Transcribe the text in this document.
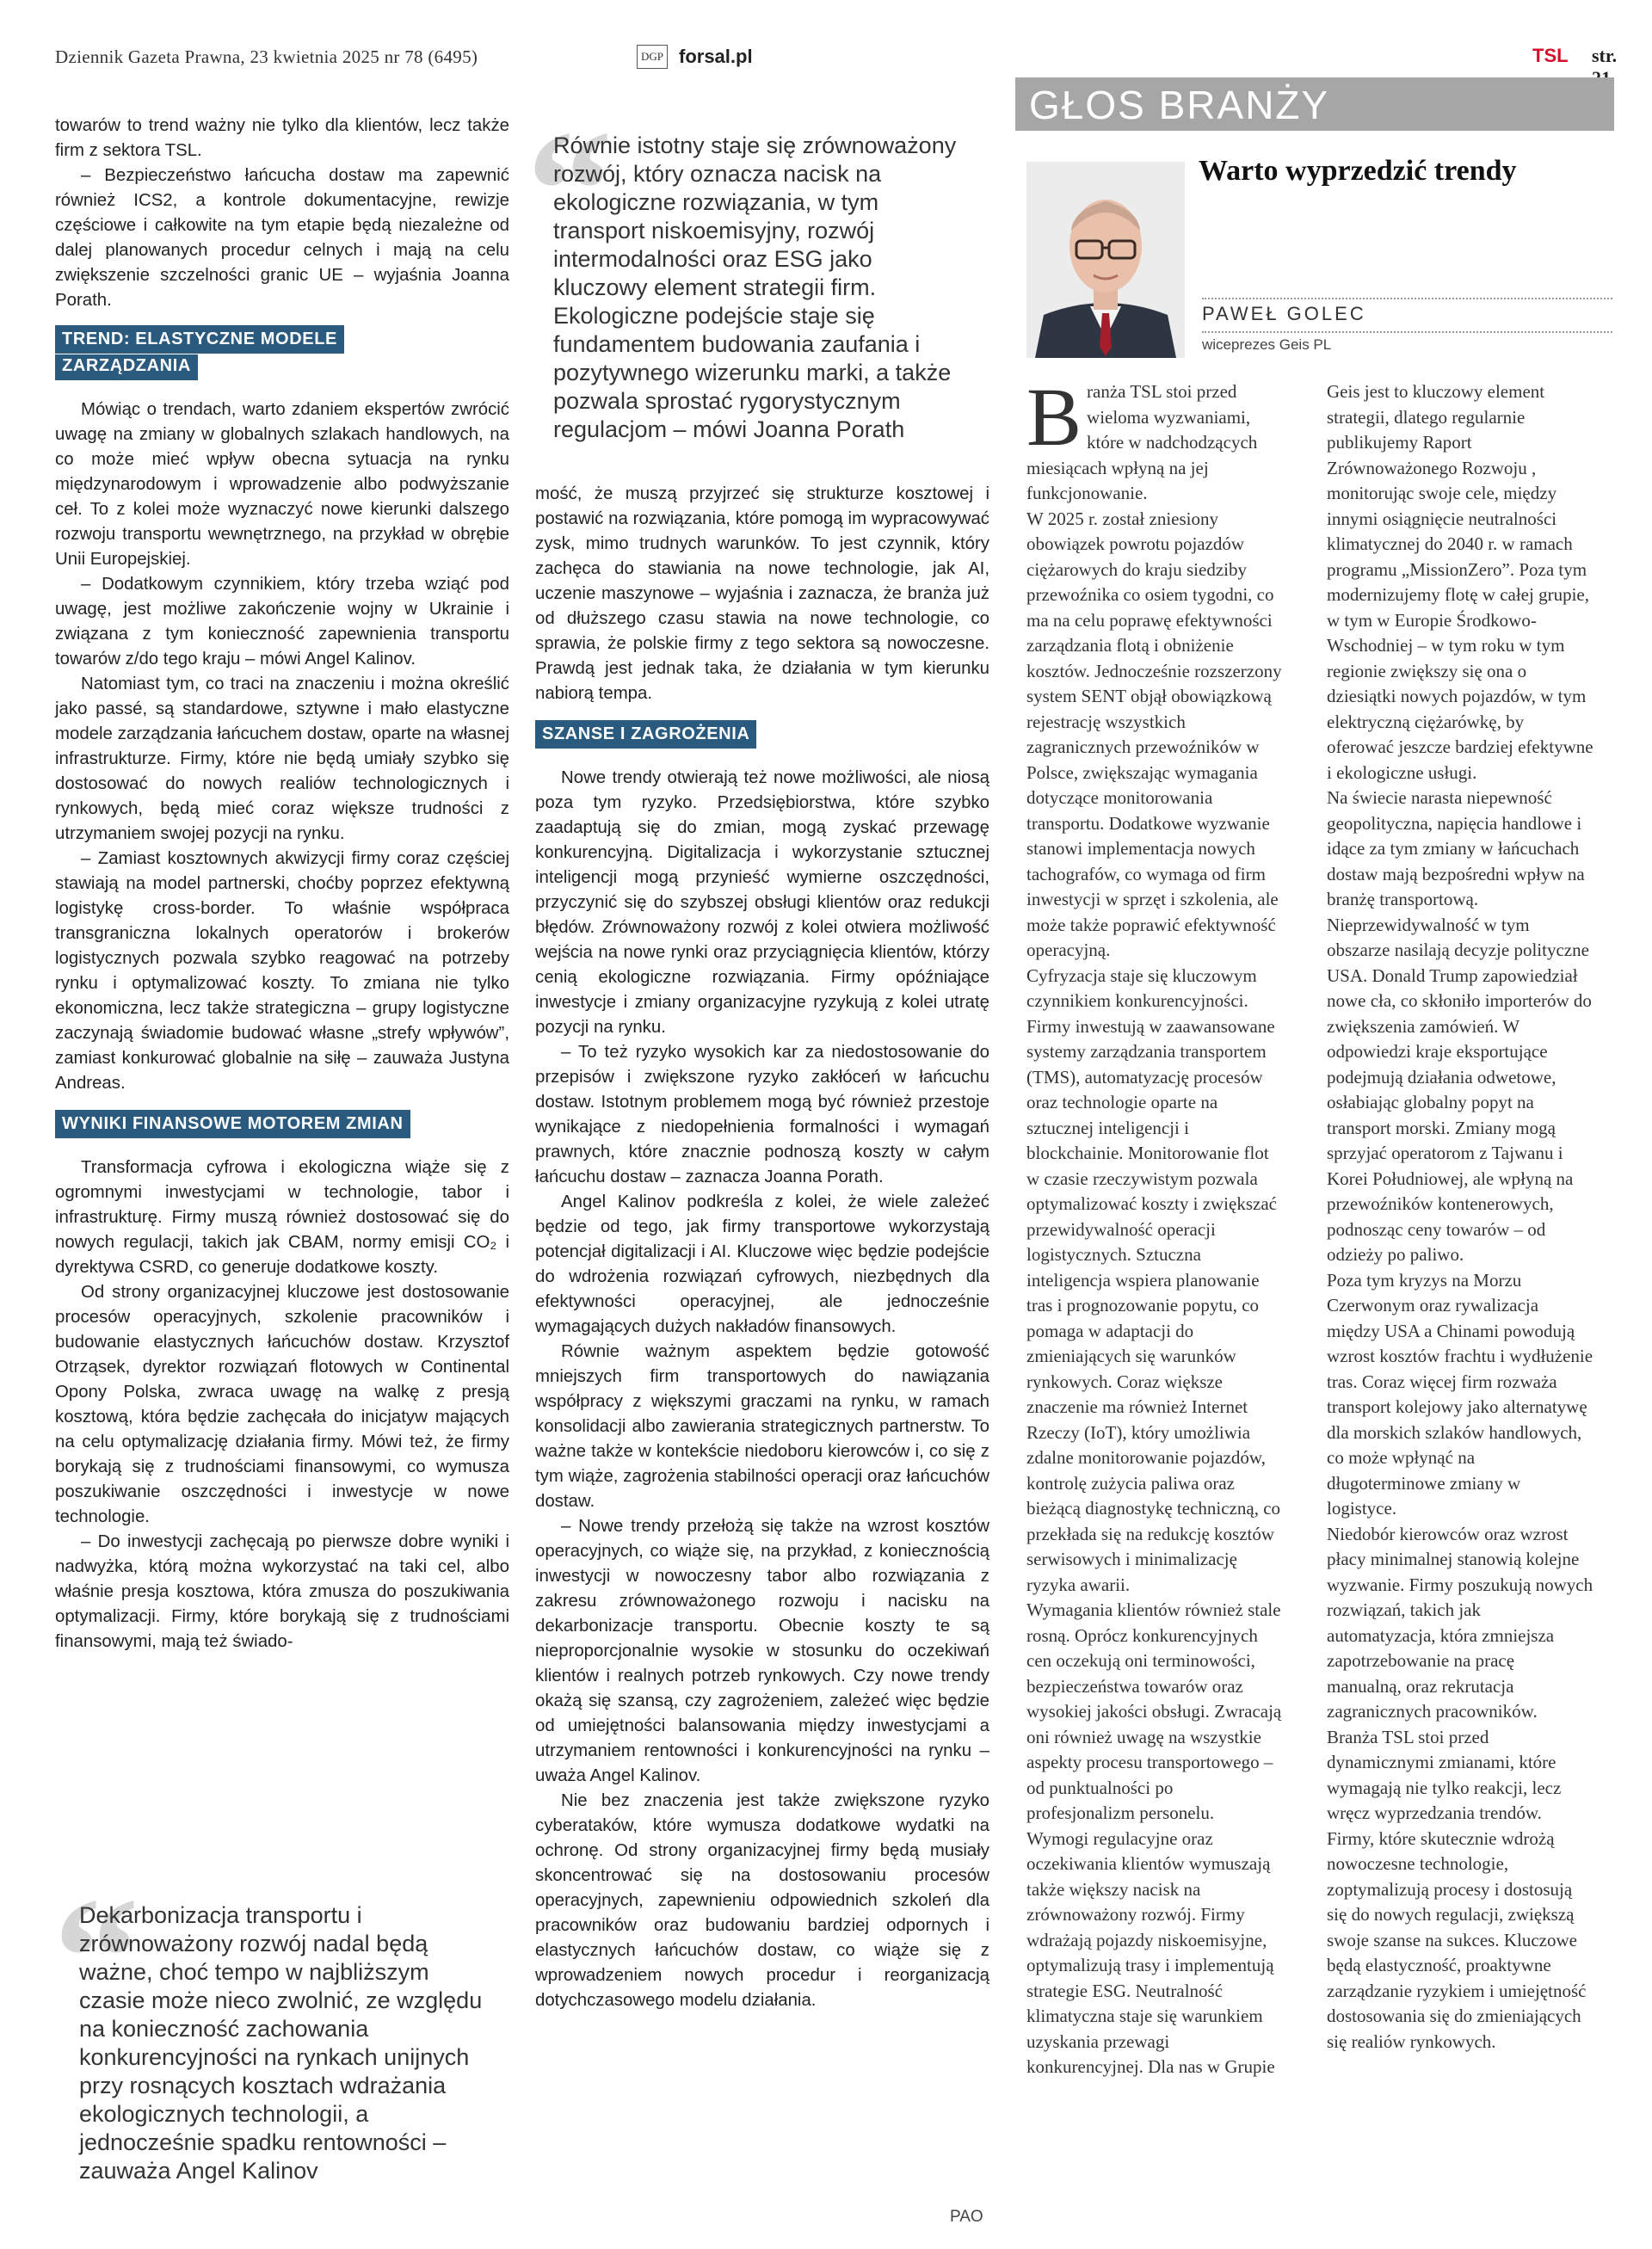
Dziennik Gazeta Prawna, 23 kwietnia 2025 nr 78 (6495)	DGP forsal.pl	TSL str.

towarów to trend ważny nie tylko dla klientów, lecz także firm z sektora TSL.

– Bezpieczeństwo łańcucha dostaw ma zapewnić również ICS2, a kontrole dokumentacyjne, rewizje częściowe i całkowite na tym etapie będą niezależne od dalej planowanych procedur celnych i mają na celu zwiększenie szczelności granic UE – wyjaśnia Joanna Porath.

TREND: ELASTYCZNE MODELE
ZARZĄDZANIA

Mówiąc o trendach, warto zdaniem ekspertów zwrócić uwagę na zmiany w globalnych szlakach handlowych, na co może mieć wpływ obecna sytuacja na rynku międzynarodowym i wprowadzenie albo podwyższanie ceł. To z kolei może wyznaczyć nowe kierunki dalszego rozwoju transportu wewnętrznego, na przykład w obrębie Unii Europejskiej.

– Dodatkowym czynnikiem, który trzeba wziąć pod uwagę, jest możliwe zakończenie wojny w Ukrainie i związana z tym konieczność zapewnienia transportu towarów z/do tego kraju – mówi Angel Kalinov.

Natomiast tym, co traci na znaczeniu i można określić jako passé, są standardowe, sztywne i mało elastyczne modele zarządzania łańcuchem dostaw, oparte na własnej infrastrukturze. Firmy, które nie będą umiały szybko się dostosować do nowych realiów technologicznych i rynkowych, będą mieć coraz większe trudności z utrzymaniem swojej pozycji na rynku.

– Zamiast kosztownych akwizycji firmy coraz częściej stawiają na model partnerski, choćby poprzez efektywną logistykę cross-border. To właśnie współpraca transgraniczna lokalnych operatorów i brokerów logistycznych pozwala szybko reagować na potrzeby rynku i optymalizować koszty. To zmiana nie tylko ekonomiczna, lecz także strategiczna – grupy logistyczne zaczynają świadomie budować własne „strefy wpływów”, zamiast konkurować globalnie na siłę – zauważa Justyna Andreas.

WYNIKI FINANSOWE MOTOREM ZMIAN

Transformacja cyfrowa i ekologiczna wiąże się z ogromnymi inwestycjami w technologie, tabor i infrastrukturę. Firmy muszą również dostosować się do nowych regulacji, takich jak CBAM, normy emisji CO₂ i dyrektywa CSRD, co generuje dodatkowe koszty.

Od strony organizacyjnej kluczowe jest dostosowanie procesów operacyjnych, szkolenie pracowników i budowanie elastycznych łańcuchów dostaw. Krzysztof Otrząsek, dyrektor rozwiązań flotowych w Continental Opony Polska, zwraca uwagę na walkę z presją kosztową, która będzie zachęcała do inicjatyw mających na celu optymalizację działania firmy. Mówi też, że firmy borykają się z trudnościami finansowymi, co wymusza poszukiwanie oszczędności i inwestycje w nowe technologie.

– Do inwestycji zachęcają po pierwsze dobre wyniki i nadwyżka, którą można wykorzystać na taki cel, albo właśnie presja kosztowa, która zmusza do poszukiwania optymalizacji. Firmy, które borykają się z trudnościami finansowymi, mają też świado-

“
Dekarbonizacja transportu i zrównoważony rozwój nadal będą ważne, choć tempo w najbliższym czasie może nieco zwolnić, ze względu na konieczność zachowania konkurencyjności na rynkach unijnych przy rosnących kosztach wdrażania ekologicznych technologii, a jednocześnie spadku rentowności – zauważa Angel Kalinov
“
Równie istotny staje się zrównoważony rozwój, który oznacza nacisk na ekologiczne rozwiązania, w tym transport niskoemisyjny, rozwój intermodalności oraz ESG jako kluczowy element strategii firm. Ekologiczne podejście staje się fundamentem budowania zaufania i pozytywnego wizerunku marki, a także pozwala sprostać rygorystycznym regulacjom – mówi Joanna Porath

mość, że muszą przyjrzeć się strukturze kosztowej i postawić na rozwiązania, które pomogą im wypracowywać zysk, mimo trudnych warunków. To jest czynnik, który zachęca do stawiania na nowe technologie, jak AI, uczenie maszynowe – wyjaśnia i zaznacza, że branża już od dłuższego czasu stawia na nowe technologie, co sprawia, że polskie firmy z tego sektora są nowoczesne. Prawdą jest jednak taka, że działania w tym kierunku nabiorą tempa.

SZANSE I ZAGROŻENIA

Nowe trendy otwierają też nowe możliwości, ale niosą poza tym ryzyko. Przedsiębiorstwa, które szybko zaadaptują się do zmian, mogą zyskać przewagę konkurencyjną. Digitalizacja i wykorzystanie sztucznej inteligencji mogą przynieść wymierne oszczędności, przyczynić się do szybszej obsługi klientów oraz redukcji błędów. Zrównoważony rozwój z kolei otwiera możliwość wejścia na nowe rynki oraz przyciągnięcia klientów, którzy cenią ekologiczne rozwiązania. Firmy opóźniające inwestycje i zmiany organizacyjne ryzykują z kolei utratę pozycji na rynku.

– To też ryzyko wysokich kar za niedostosowanie do przepisów i zwiększone ryzyko zakłóceń w łańcuchu dostaw. Istotnym problemem mogą być również przestoje wynikające z niedopełnienia formalności i wymagań prawnych, które znacznie podnoszą koszty w całym łańcuchu dostaw – zaznacza Joanna Porath.

Angel Kalinov podkreśla z kolei, że wiele zależeć będzie od tego, jak firmy transportowe wykorzystają potencjał digitalizacji i AI. Kluczowe więc będzie podejście do wdrożenia rozwiązań cyfrowych, niezbędnych dla efektywności operacyjnej, ale jednocześnie wymagających dużych nakładów finansowych.

Równie ważnym aspektem będzie gotowość mniejszych firm transportowych do nawiązania współpracy z większymi graczami na rynku, w ramach konsolidacji albo zawierania strategicznych partnerstw. To ważne także w kontekście niedoboru kierowców i, co się z tym wiąże, zagrożenia stabilności operacji oraz łańcuchów dostaw.

– Nowe trendy przełożą się także na wzrost kosztów operacyjnych, co wiąże się, na przykład, z koniecznością inwestycji w nowoczesny tabor albo rozwiązania z zakresu zrównoważonego rozwoju i nacisku na dekarbonizacje transportu. Obecnie koszty te są nieproporcjonalnie wysokie w stosunku do oczekiwań klientów i realnych potrzeb rynkowych. Czy nowe trendy okażą się szansą, czy zagrożeniem, zależeć więc będzie od umiejętności balansowania między inwestycjami a utrzymaniem rentowności i konkurencyjności na rynku – uważa Angel Kalinov.

Nie bez znaczenia jest także zwiększone ryzyko cyberataków, które wymusza dodatkowe wydatki na ochronę. Od strony organizacyjnej firmy będą musiały skoncentrować się na dostosowaniu procesów operacyjnych, zapewnieniu odpowiednich szkoleń dla pracowników oraz budowaniu bardziej odpornych i elastycznych łańcuchów dostaw, co wiąże się z wprowadzeniem nowych procedur i reorganizacją dotychczasowego modelu działania.

PAO
GŁOS BRANŻY
Warto wyprzedzić trendy
PAWEŁ GOLEC
wiceprezes Geis PL

Branża TSL stoi przed wieloma wyzwaniami, które w nadchodzących miesiącach wpłyną na jej funkcjonowanie.

W 2025 r. został zniesiony obowiązek powrotu pojazdów ciężarowych do kraju siedziby przewoźnika co osiem tygodni, co ma na celu poprawę efektywności zarządzania flotą i obniżenie kosztów. Jednocześnie rozszerzony system SENT objął obowiązkową rejestrację wszystkich zagranicznych przewoźników w Polsce, zwiększając wymagania dotyczące monitorowania transportu. Dodatkowe wyzwanie stanowi implementacja nowych tachografów, co wymaga od firm inwestycji w sprzęt i szkolenia, ale może także poprawić efektywność operacyjną.

Cyfryzacja staje się kluczowym czynnikiem konkurencyjności. Firmy inwestują w zaawansowane systemy zarządzania transportem (TMS), automatyzację procesów oraz technologie oparte na sztucznej inteligencji i blockchainie. Monitorowanie flot w czasie rzeczywistym pozwala optymalizować koszty i zwiększać przewidywalność operacji logistycznych. Sztuczna inteligencja wspiera planowanie tras i prognozowanie popytu, co pomaga w adaptacji do zmieniających się warunków rynkowych. Coraz większe znaczenie ma również Internet Rzeczy (IoT), który umożliwia zdalne monitorowanie pojazdów, kontrolę zużycia paliwa oraz bieżącą diagnostykę techniczną, co przekłada się na redukcję kosztów serwisowych i minimalizację ryzyka awarii.

Wymagania klientów również stale rosną. Oprócz konkurencyjnych cen oczekują oni terminowości, bezpieczeństwa towarów oraz wysokiej jakości obsługi. Zwracają oni również uwagę na wszystkie aspekty procesu transportowego – od punktualności po profesjonalizm personelu.

Wymogi regulacyjne oraz oczekiwania klientów wymuszają także większy nacisk na zrównoważony rozwój. Firmy wdrażają pojazdy niskoemisyjne, optymalizują trasy i implementują strategie ESG. Neutralność klimatyczna staje się warunkiem uzyskania przewagi konkurencyjnej. Dla nas w Grupie

Geis jest to kluczowy element strategii, dlatego regularnie publikujemy Raport Zrównoważonego Rozwoju , monitorując swoje cele, między innymi osiągnięcie neutralności klimatycznej do 2040 r. w ramach programu „MissionZero”. Poza tym modernizujemy flotę w całej grupie, w tym w Europie Środkowo-Wschodniej – w tym roku w tym regionie zwiększy się ona o dziesiątki nowych pojazdów, w tym elektryczną ciężarówkę, by oferować jeszcze bardziej efektywne i ekologiczne usługi.

Na świecie narasta niepewność geopolityczna, napięcia handlowe i idące za tym zmiany w łańcuchach dostaw mają bezpośredni wpływ na branżę transportową. Nieprzewidywalność w tym obszarze nasilają decyzje polityczne USA. Donald Trump zapowiedział nowe cła, co skłoniło importerów do zwiększenia zamówień. W odpowiedzi kraje eksportujące podejmują działania odwetowe, osłabiając globalny popyt na transport morski. Zmiany mogą sprzyjać operatorom z Tajwanu i Korei Południowej, ale wpłyną na przewoźników kontenerowych, podnosząc ceny towarów – od odzieży po paliwo.

Poza tym kryzys na Morzu Czerwonym oraz rywalizacja między USA a Chinami powodują wzrost kosztów frachtu i wydłużenie tras. Coraz więcej firm rozważa transport kolejowy jako alternatywę dla morskich szlaków handlowych, co może wpłynąć na długoterminowe zmiany w logistyce.

Niedobór kierowców oraz wzrost płacy minimalnej stanowią kolejne wyzwanie. Firmy poszukują nowych rozwiązań, takich jak automatyzacja, która zmniejsza zapotrzebowanie na pracę manualną, oraz rekrutacja zagranicznych pracowników.

Branża TSL stoi przed dynamicznymi zmianami, które wymagają nie tylko reakcji, lecz wręcz wyprzedzania trendów. Firmy, które skutecznie wdrożą nowoczesne technologie, zoptymalizują procesy i dostosują się do nowych regulacji, zwiększą swoje szanse na sukces. Kluczowe będą elastyczność, proaktywne zarządzanie ryzykiem i umiejętność dostosowania się do zmieniających się realiów rynkowych.
